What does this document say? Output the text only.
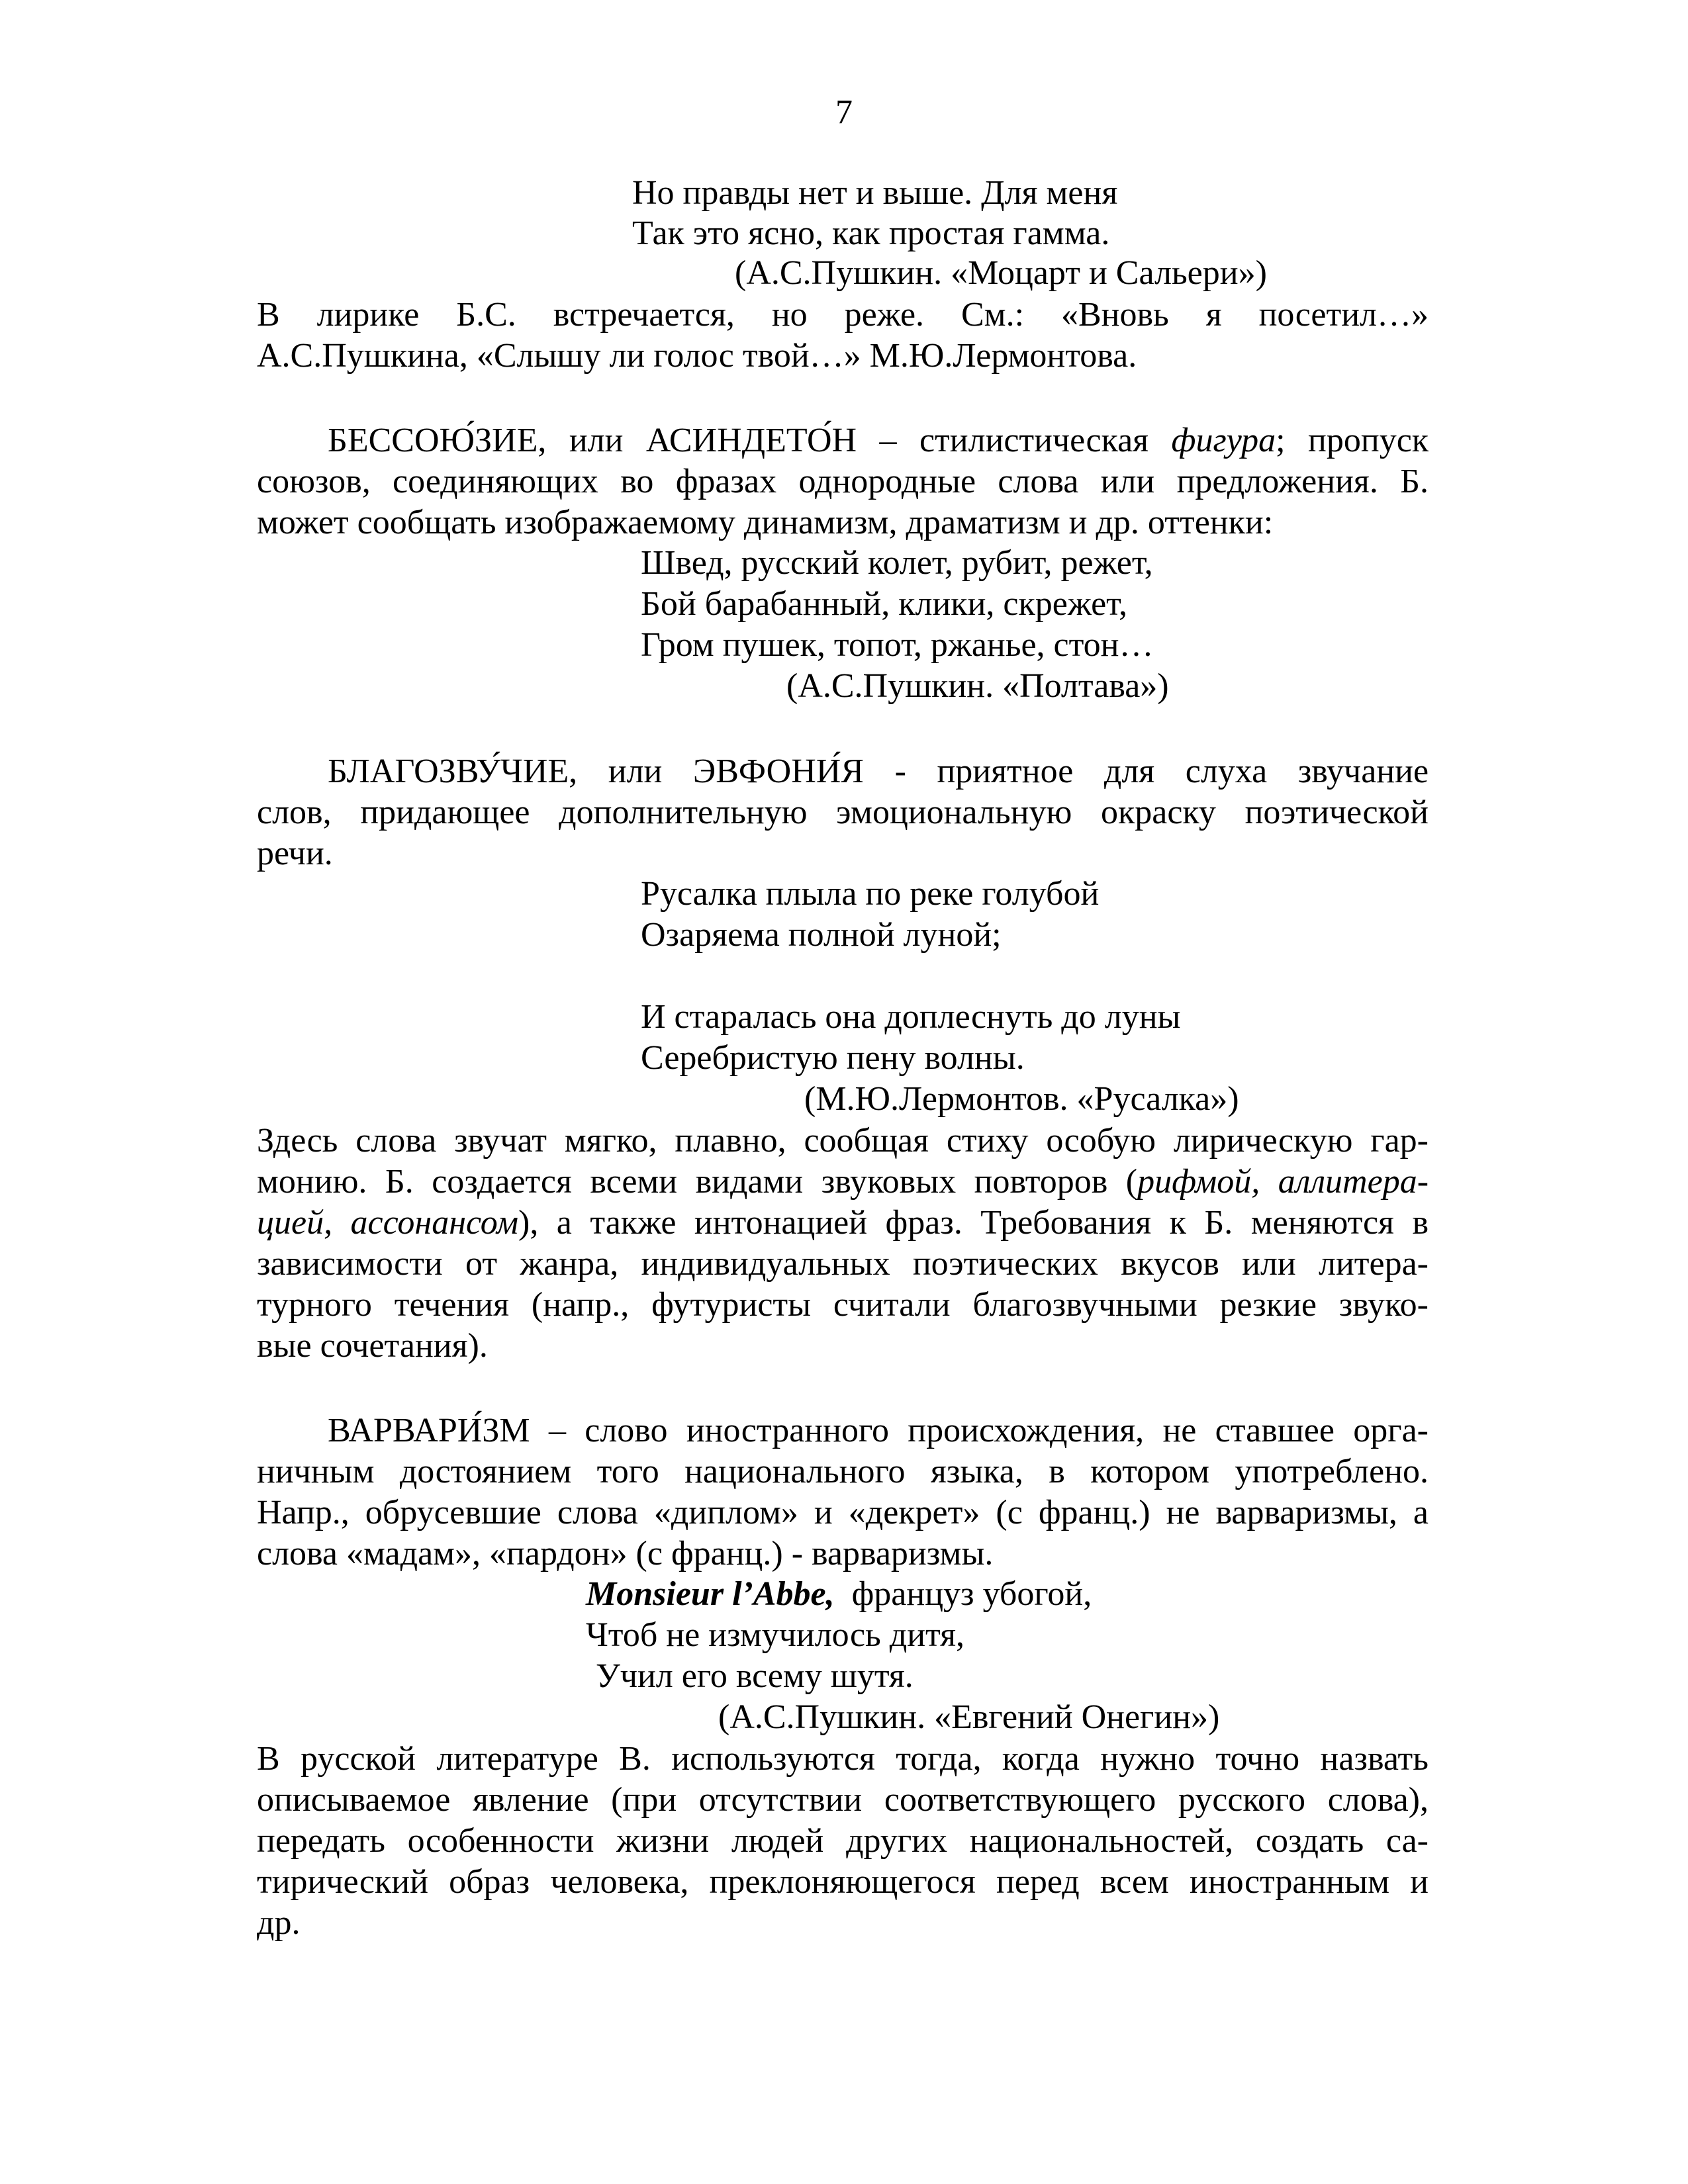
7
Но правды нет и выше. Для меня
Так это ясно, как простая гамма.
(А.С.Пушкин. «Моцарт и Сальери»)
В лирике Б.С. встречается, но реже. См.: «Вновь я посетил…»
А.С.Пушкина, «Слышу ли голос твой…» М.Ю.Лермонтова.
БЕССОЮ́ЗИЕ, или АСИНДЕТО́Н – стилистическая фигура; пропуск
союзов, соединяющих во фразах однородные слова или предложения. Б.
может сообщать изображаемому динамизм, драматизм и др. оттенки:
Швед, русский колет, рубит, режет,
Бой барабанный, клики, скрежет,
Гром пушек, топот, ржанье, стон…
(А.С.Пушкин. «Полтава»)
БЛАГОЗВУ́ЧИЕ, или ЭВФОНИ́Я - приятное для слуха звучание
слов, придающее дополнительную эмоциональную окраску поэтической
речи.
Русалка плыла по реке голубой
Озаряема полной луной;
И старалась она доплеснуть до луны
Серебристую пену волны.
(М.Ю.Лермонтов. «Русалка»)
Здесь слова звучат мягко, плавно, сообщая стиху особую лирическую гар-
монию. Б. создается всеми видами звуковых повторов (рифмой, аллитера-
цией, ассонансом), а также интонацией фраз. Требования к Б. меняются в
зависимости от жанра, индивидуальных поэтических вкусов или литера-
турного течения (напр., футуристы считали благозвучными резкие звуко-
вые сочетания).
ВАРВАРИ́ЗМ – слово иностранного происхождения, не ставшее орга-
ничным достоянием того национального языка, в котором употреблено.
Напр., обрусевшие слова «диплом» и «декрет» (с франц.) не варваризмы, а
слова «мадам», «пардон» (с франц.) - варваризмы.
Monsieur l’Abbe, француз убогой,
Чтоб не измучилось дитя,
Учил его всему шутя.
(А.С.Пушкин. «Евгений Онегин»)
В русской литературе В. используются тогда, когда нужно точно назвать
описываемое явление (при отсутствии соответствующего русского слова),
передать особенности жизни людей других национальностей, создать са-
тирический образ человека, преклоняющегося перед всем иностранным и
др.
